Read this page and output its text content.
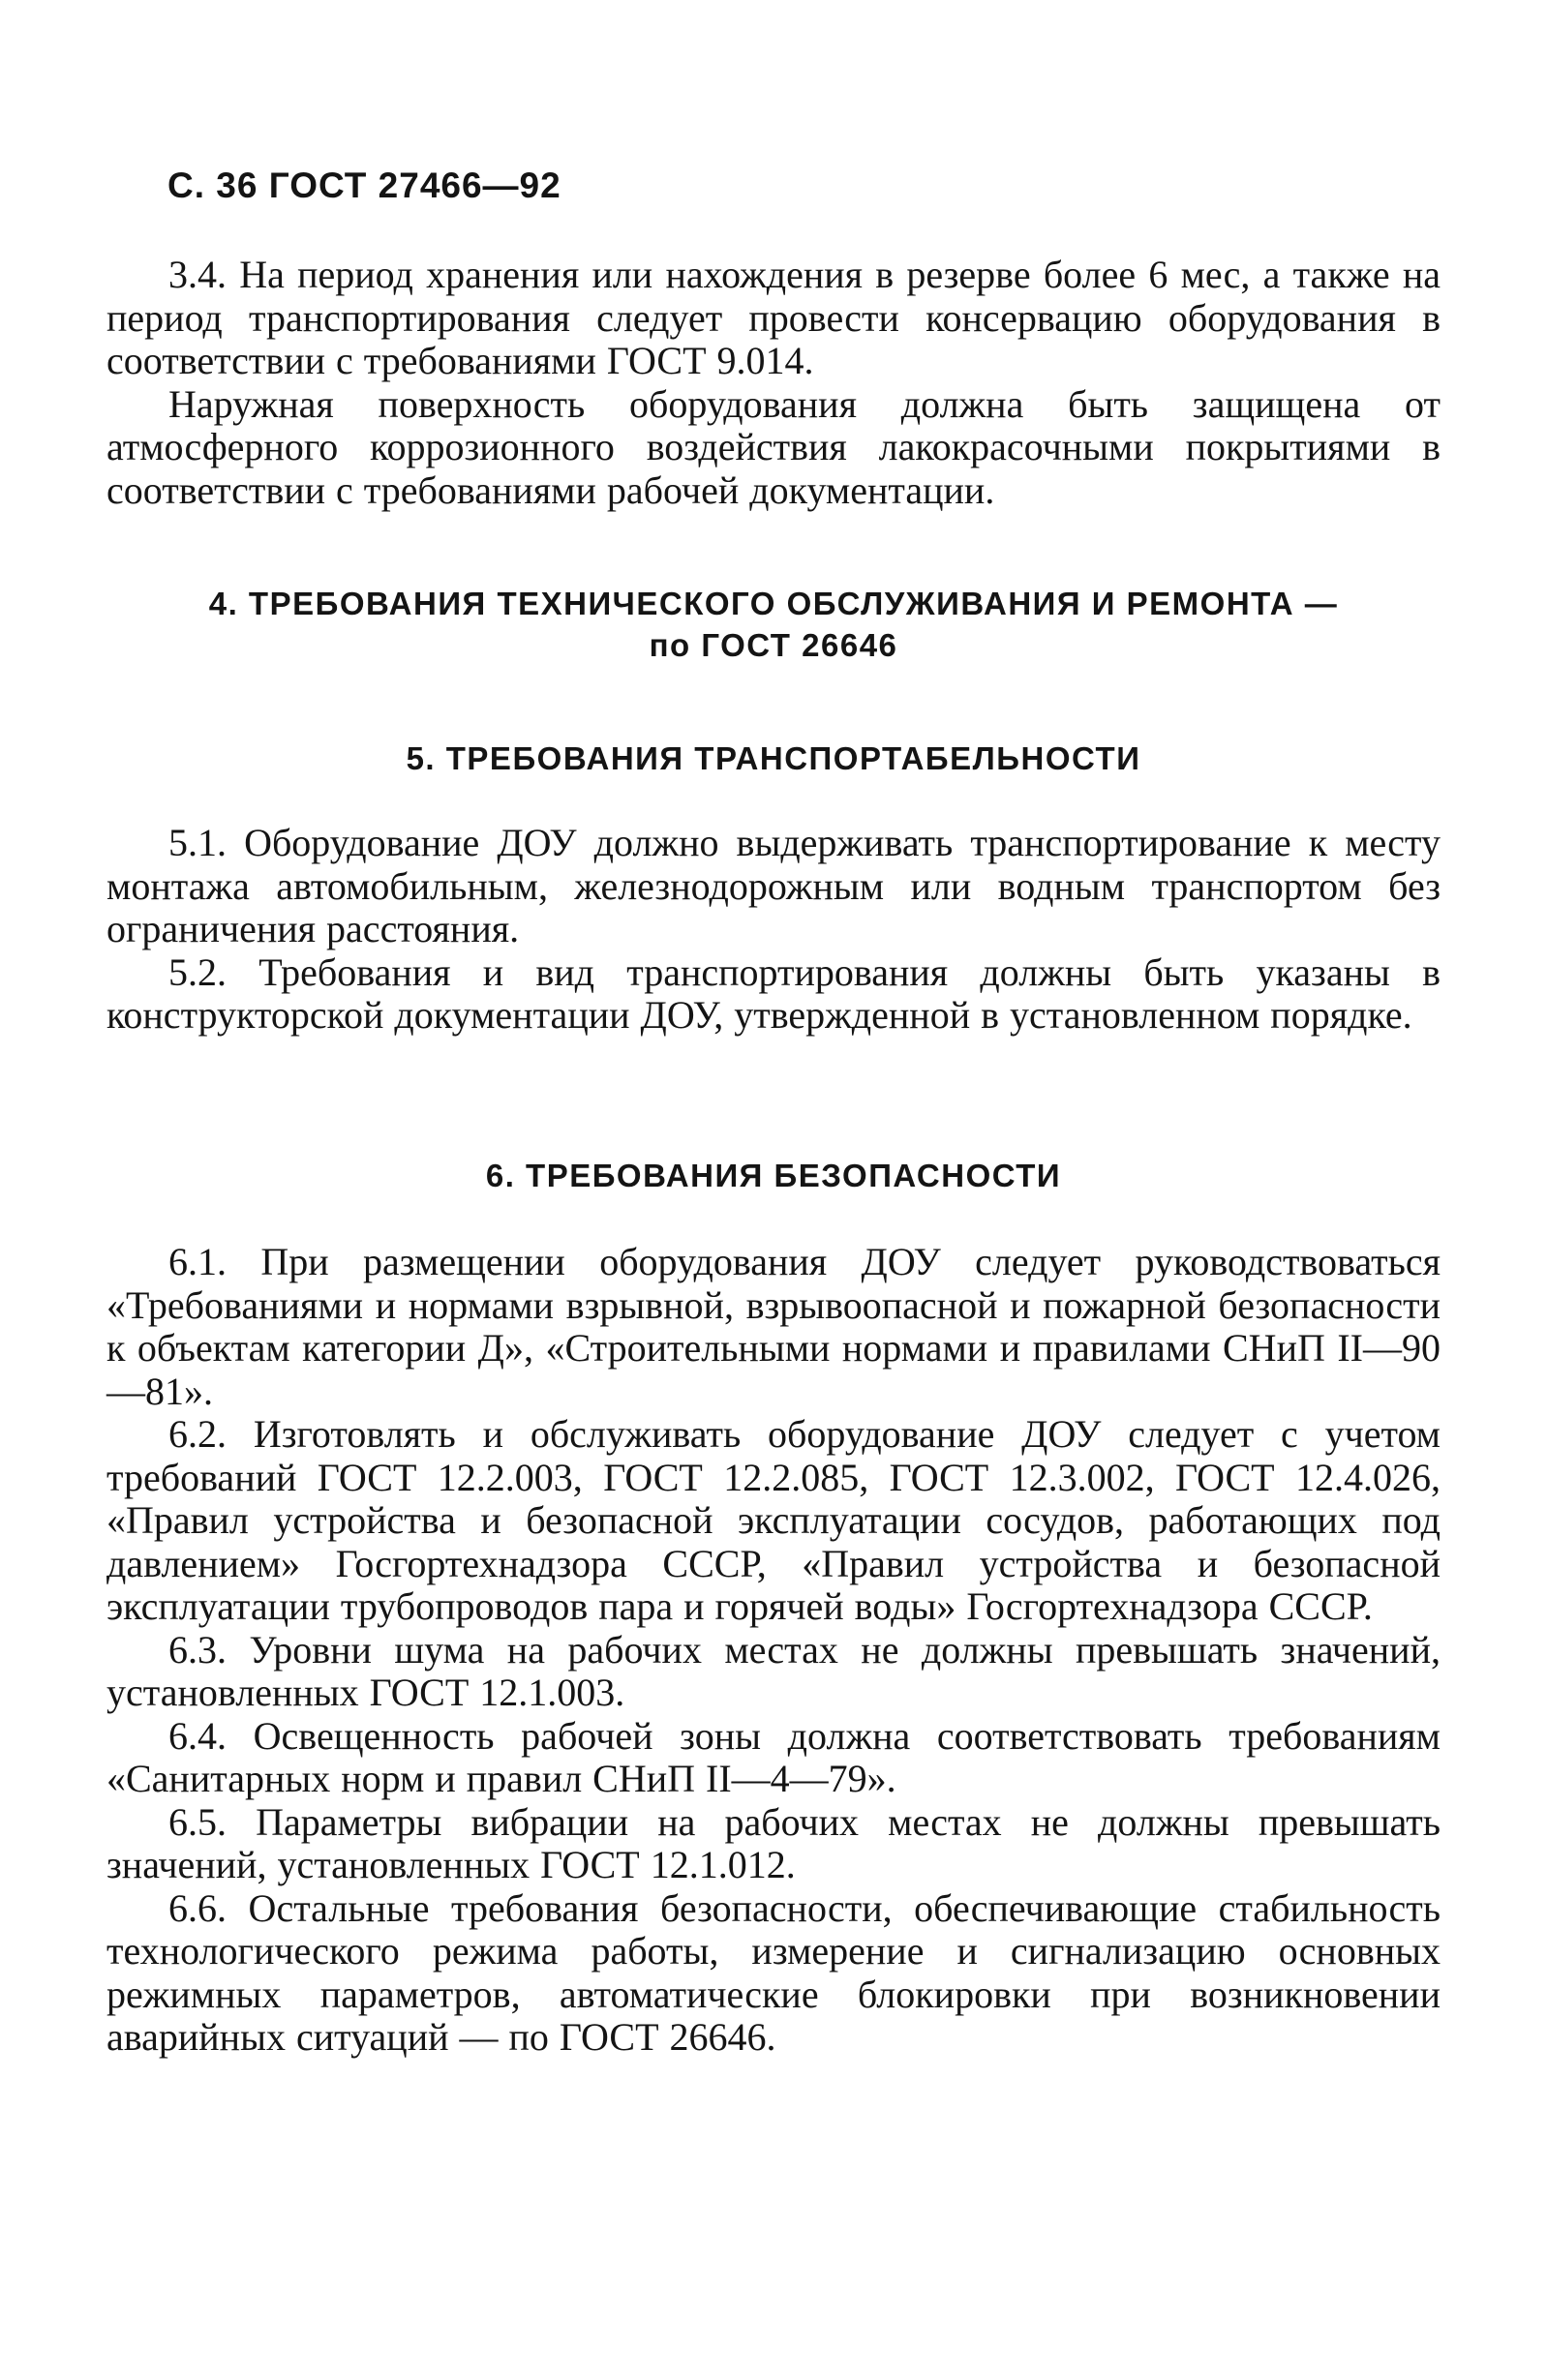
С. 36 ГОСТ 27466—92

3.4. На период хранения или нахождения в резерве более 6 мес, а также на период транспортирования следует провести консервацию оборудования в соответствии с требованиями ГОСТ 9.014.

Наружная поверхность оборудования должна быть защищена от атмосферного коррозионного воздействия лакокрасочными покрытиями в соответствии с требованиями рабочей документации.

4. ТРЕБОВАНИЯ ТЕХНИЧЕСКОГО ОБСЛУЖИВАНИЯ И РЕМОНТА —
по ГОСТ 26646
5. ТРЕБОВАНИЯ ТРАНСПОРТАБЕЛЬНОСТИ

5.1. Оборудование ДОУ должно выдерживать транспортирование к месту монтажа автомобильным, железнодорожным или водным транспортом без ограничения расстояния.

5.2. Требования и вид транспортирования должны быть указаны в конструкторской документации ДОУ, утвержденной в установленном порядке.

6. ТРЕБОВАНИЯ БЕЗОПАСНОСТИ

6.1. При размещении оборудования ДОУ следует руководствоваться «Требованиями и нормами взрывной, взрывоопасной и пожарной безопасности к объектам категории Д», «Строительными нормами и правилами СНиП II—90—81».

6.2. Изготовлять и обслуживать оборудование ДОУ следует с учетом требований ГОСТ 12.2.003, ГОСТ 12.2.085, ГОСТ 12.3.002, ГОСТ 12.4.026, «Правил устройства и безопасной эксплуатации сосудов, работающих под давлением» Госгортехнадзора СССР, «Правил устройства и безопасной эксплуатации трубопроводов пара и горячей воды» Госгортехнадзора СССР.

6.3. Уровни шума на рабочих местах не должны превышать значений, установленных ГОСТ 12.1.003.

6.4. Освещенность рабочей зоны должна соответствовать требованиям «Санитарных норм и правил СНиП II—4—79».

6.5. Параметры вибрации на рабочих местах не должны превышать значений, установленных ГОСТ 12.1.012.

6.6. Остальные требования безопасности, обеспечивающие стабильность технологического режима работы, измерение и сигнализацию основных режимных параметров, автоматические блокировки при возникновении аварийных ситуаций — по ГОСТ 26646.
